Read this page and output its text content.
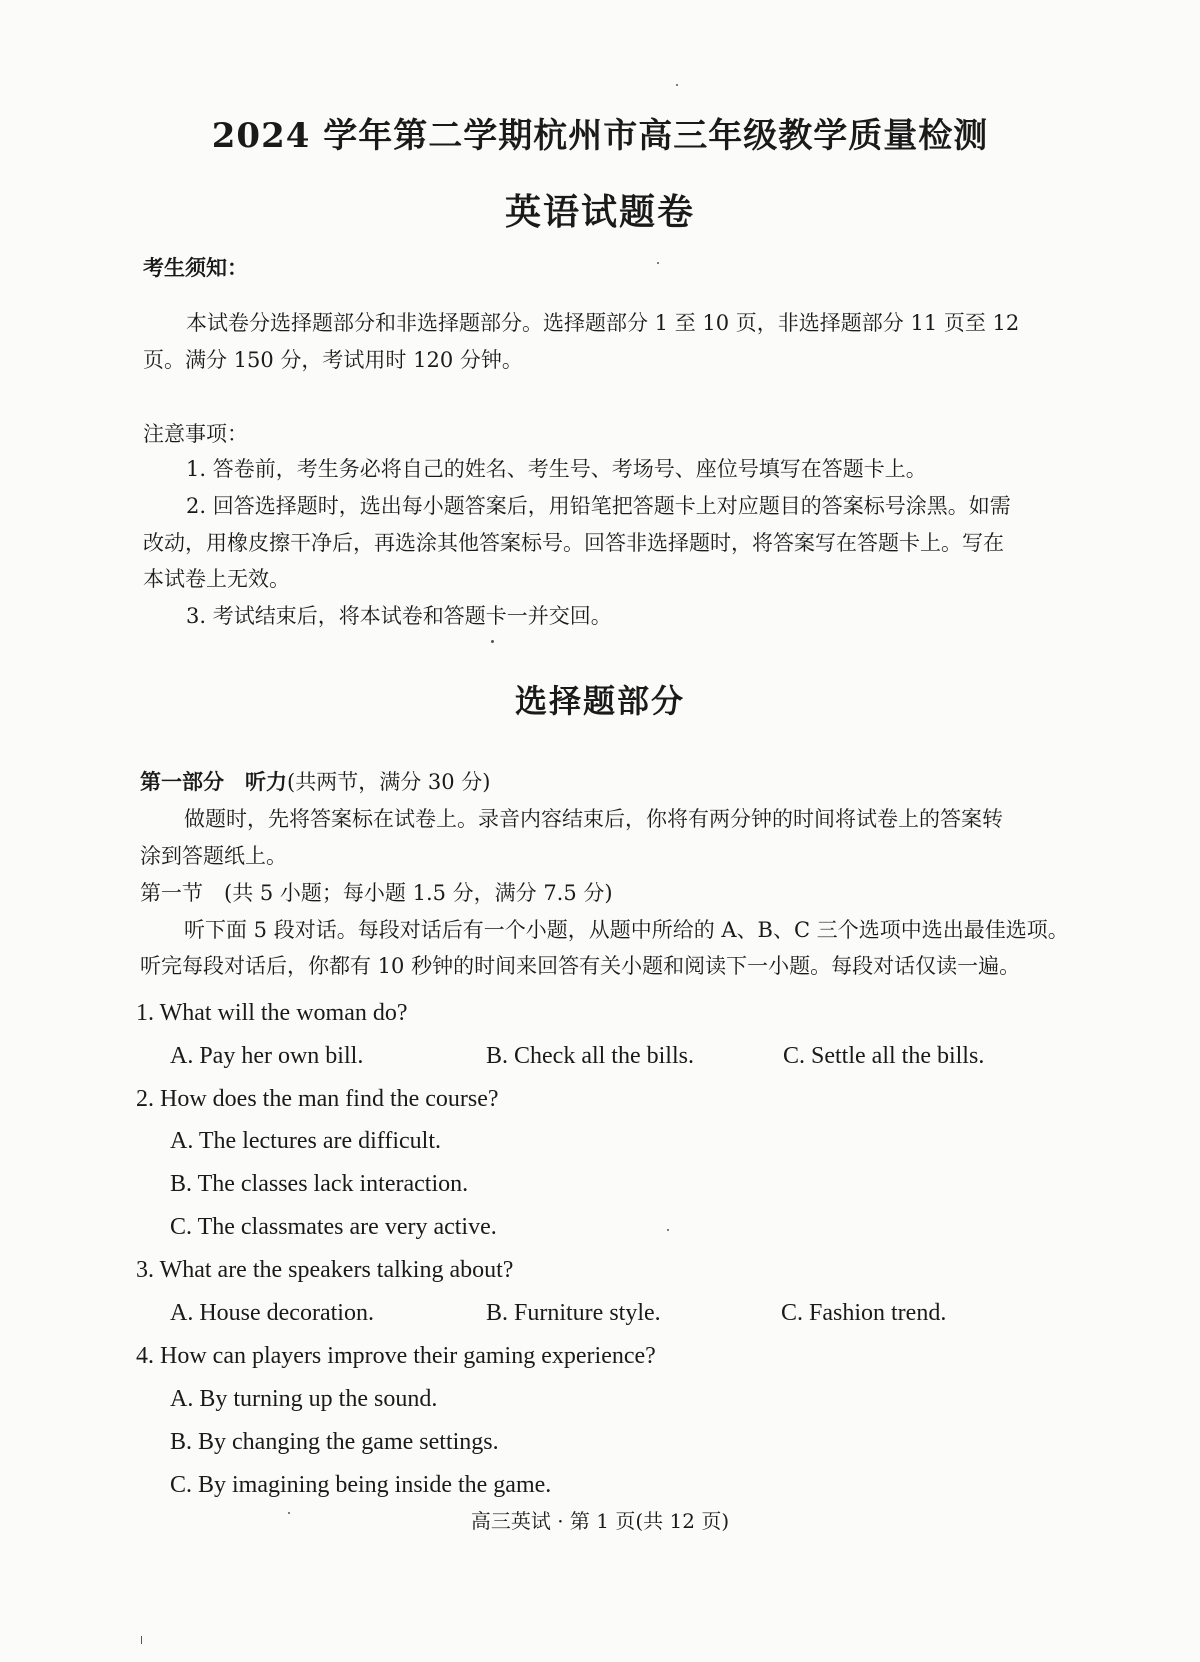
2024 学年第二学期杭州市高三年级教学质量检测
英语试题卷
考生须知：
本试卷分选择题部分和非选择题部分。选择题部分 1 至 10 页，非选择题部分 11 页至 12
页。满分 150 分，考试用时 120 分钟。
注意事项：
1. 答卷前，考生务必将自己的姓名、考生号、考场号、座位号填写在答题卡上。
2. 回答选择题时，选出每小题答案后，用铅笔把答题卡上对应题目的答案标号涂黑。如需
改动，用橡皮擦干净后，再选涂其他答案标号。回答非选择题时，将答案写在答题卡上。写在
本试卷上无效。
3. 考试结束后，将本试卷和答题卡一并交回。
选择题部分
第一部分　听力(共两节，满分 30 分)
做题时，先将答案标在试卷上。录音内容结束后，你将有两分钟的时间将试卷上的答案转
涂到答题纸上。
第一节　(共 5 小题；每小题 1.5 分，满分 7.5 分)
听下面 5 段对话。每段对话后有一个小题，从题中所给的 A、B、C 三个选项中选出最佳选项。
听完每段对话后，你都有 10 秒钟的时间来回答有关小题和阅读下一小题。每段对话仅读一遍。
1. What will the woman do?
A. Pay her own bill.	B. Check all the bills.	C. Settle all the bills.
2. How does the man find the course?
A. The lectures are difficult.
B. The classes lack interaction.
C. The classmates are very active.
3. What are the speakers talking about?
A. House decoration.	B. Furniture style.	C. Fashion trend.
4. How can players improve their gaming experience?
A. By turning up the sound.
B. By changing the game settings.
C. By imagining being inside the game.
高三英试 · 第 1 页(共 12 页)
